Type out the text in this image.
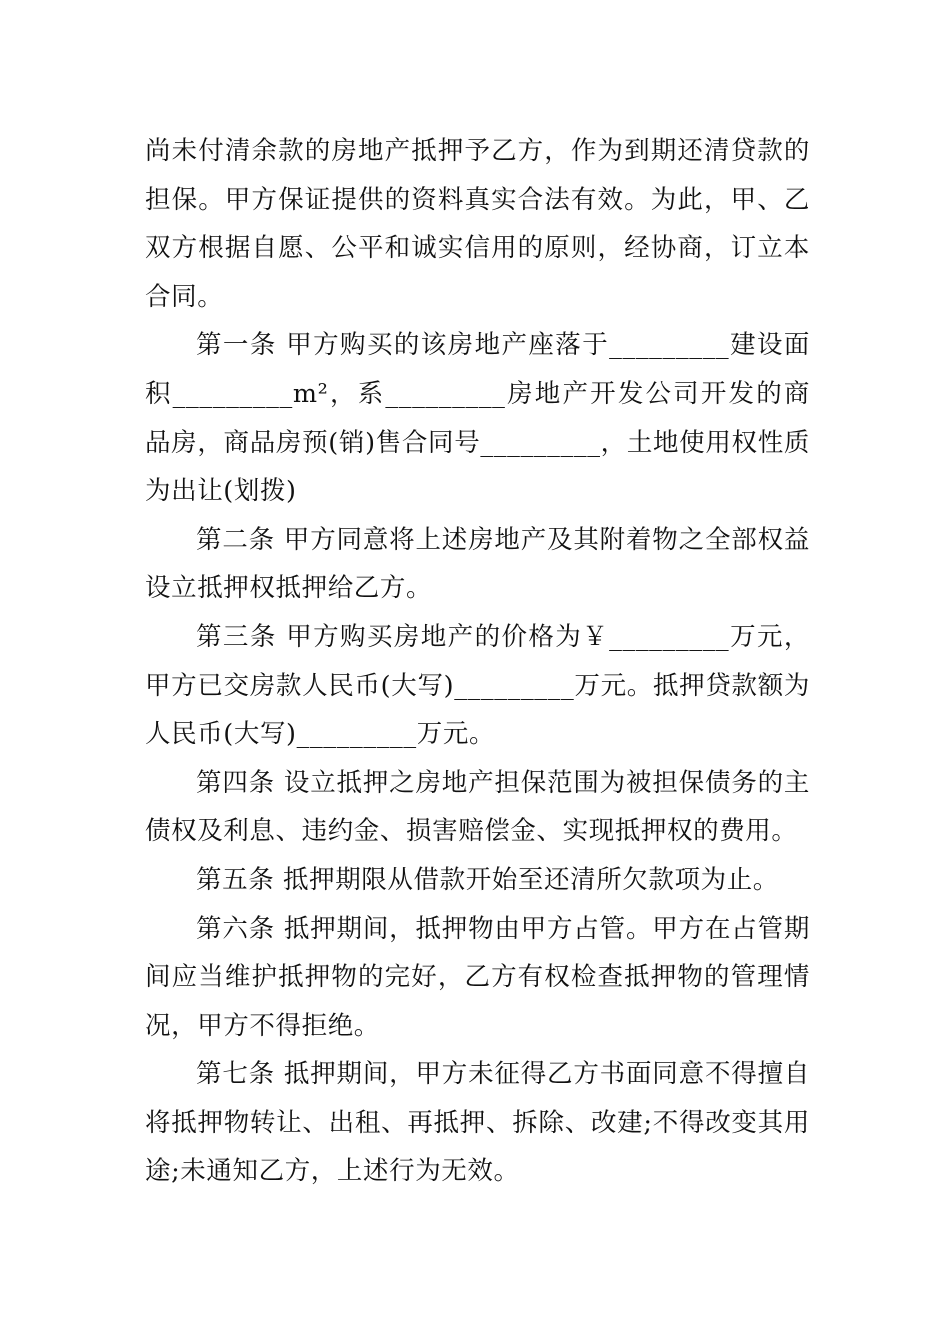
尚未付清余款的房地产抵押予乙方，作为到期还清贷款的担保。甲方保证提供的资料真实合法有效。为此，甲、乙双方根据自愿、公平和诚实信用的原则，经协商，订立本合同。

第一条 甲方购买的该房地产座落于_________建设面积_________m²，系_________房地产开发公司开发的商品房，商品房预(销)售合同号_________，土地使用权性质为出让(划拨)

第二条 甲方同意将上述房地产及其附着物之全部权益设立抵押权抵押给乙方。

第三条 甲方购买房地产的价格为￥_________万元，甲方已交房款人民币(大写)_________万元。抵押贷款额为人民币(大写)_________万元。

第四条 设立抵押之房地产担保范围为被担保债务的主债权及利息、违约金、损害赔偿金、实现抵押权的费用。

第五条 抵押期限从借款开始至还清所欠款项为止。

第六条 抵押期间，抵押物由甲方占管。甲方在占管期间应当维护抵押物的完好，乙方有权检查抵押物的管理情况，甲方不得拒绝。

第七条 抵押期间，甲方未征得乙方书面同意不得擅自将抵押物转让、出租、再抵押、拆除、改建;不得改变其用途;未通知乙方，上述行为无效。
